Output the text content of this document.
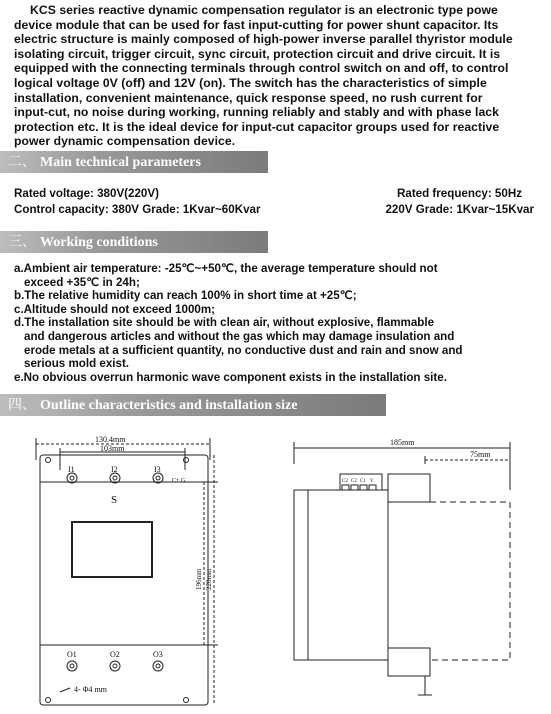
KCS series reactive dynamic compensation regulator is an electronic type powe
device module that can be used for fast input-cutting for power shunt capacitor. Its
electric structure is mainly composed of high-power inverse parallel thyristor module
isolating circuit, trigger circuit, sync circuit, protection circuit and drive circuit. It is
equipped with the connecting terminals through control switch on and off, to control
logical voltage 0V (off) and 12V (on). The switch has the characteristics of simple
installation, convenient maintenance, quick response speed, no rush current for
input-cut, no noise during working, running reliably and stably and with phase lack
protection etc. It is the ideal device for input-cut capacitor groups used for reactive
power dynamic compensation device.
二、 Main technical parameters
Rated voltage: 380V(220V)	Rated frequency: 50Hz
Control capacity: 380V Grade: 1Kvar~60Kvar	220V Grade: 1Kvar~15Kvar
三、 Working conditions
a.Ambient air temperature: -25℃~+50℃, the average temperature should not
exceed +35℃ in 24h;
b.The relative humidity can reach 100% in short time at +25℃;
c.Altitude should not exceed 1000m;
d.The installation site should be with clean air, without explosive, flammable
and dangerous articles and without the gas which may damage insulation and
erode metals at a sufficient quantity, no conductive dust and rain and snow and
serious mold exist.
e.No obvious overrun harmonic wave component exists in the installation site.
四、 Outline characteristics and installation size
130.4mm
103mm
I1	I2	I3
C+ G
S
O1	O2	O3
4- Φ4 mm
196mm 220mm
185mm
75mm
C2 C2 C1 V
